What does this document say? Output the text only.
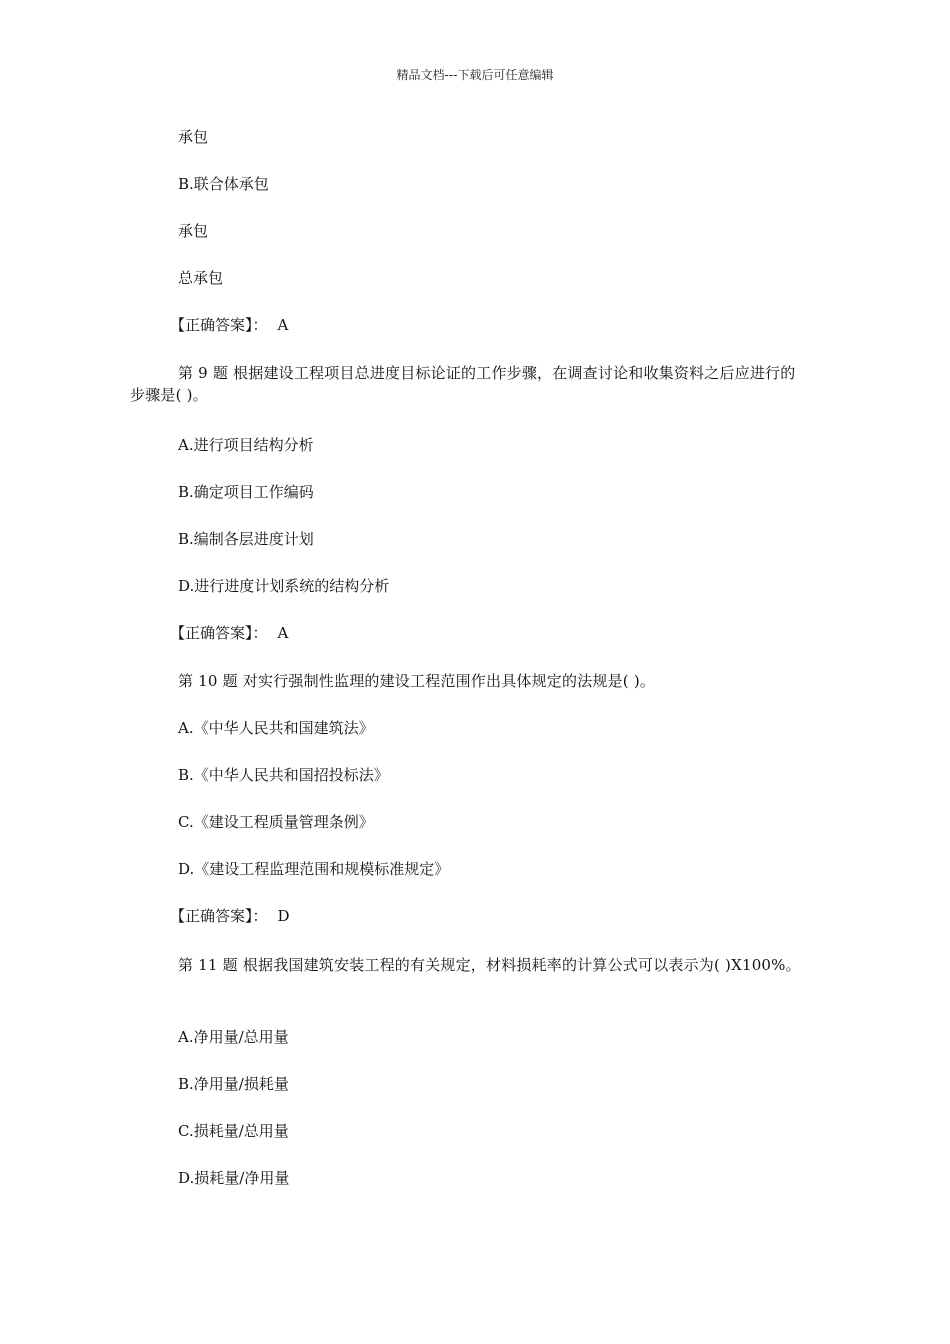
精品文档---下载后可任意编辑
承包
B.联合体承包
承包
总承包
【正确答案】： A
第 9 题 根据建设工程项目总进度目标论证的工作步骤，在调查讨论和收集资料之后应进行的步骤是( )。
A.进行项目结构分析
B.确定项目工作编码
B.编制各层进度计划
D.进行进度计划系统的结构分析
【正确答案】： A
第 10 题 对实行强制性监理的建设工程范围作出具体规定的法规是( )。
A.《中华人民共和国建筑法》
B.《中华人民共和国招投标法》
C.《建设工程质量管理条例》
D.《建设工程监理范围和规模标准规定》
【正确答案】： D
第 11 题 根据我国建筑安装工程的有关规定，材料损耗率的计算公式可以表示为( )X100%。
A.净用量/总用量
B.净用量/损耗量
C.损耗量/总用量
D.损耗量/净用量
